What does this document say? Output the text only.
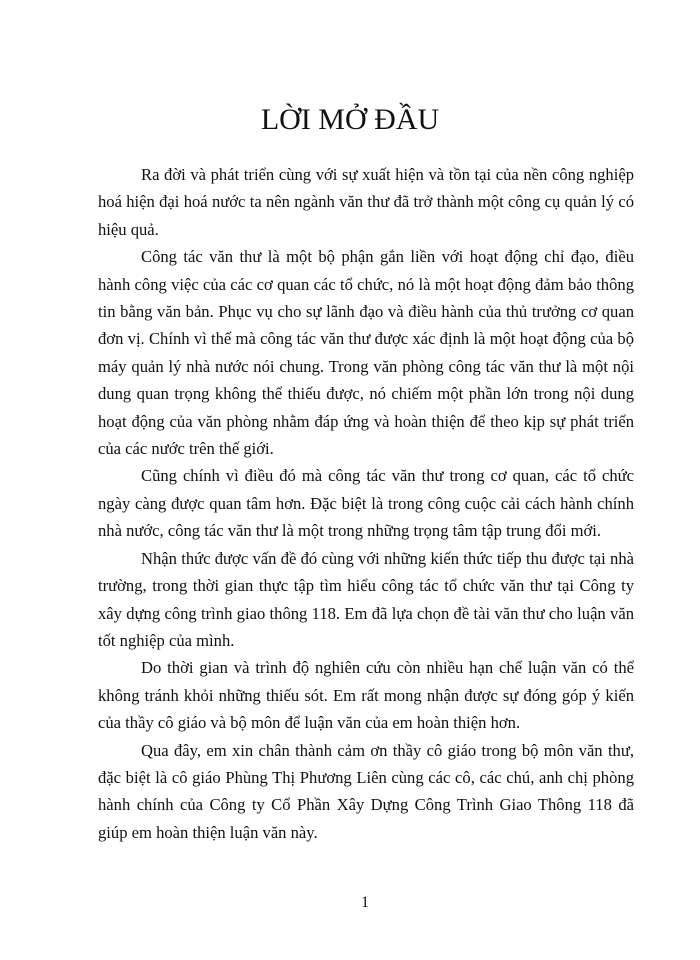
LỜI MỞ ĐẦU

Ra đời và phát triển cùng với sự xuất hiện và tồn tại của nền công nghiệp hoá hiện đại hoá nước ta nên ngành văn thư đã trở thành một công cụ quản lý có hiệu quả.

Công tác văn thư là một bộ phận gắn liền với hoạt động chỉ đạo, điều hành công việc của các cơ quan các tổ chức, nó là một hoạt động đảm bảo thông tin bằng văn bản. Phục vụ cho sự lãnh đạo và điều hành của thủ trưởng cơ quan đơn vị. Chính vì thế mà công tác văn thư được xác định là một hoạt động của bộ máy quản lý nhà nước nói chung. Trong văn phòng công tác văn thư là một nội dung quan trọng không thể thiếu được, nó chiếm một phần lớn trong nội dung hoạt động của văn phòng nhằm đáp ứng và hoàn thiện để theo kịp sự phát triển của các nước trên thế giới.

Cũng chính vì điều đó mà công tác văn thư trong cơ quan, các tổ chức ngày càng được quan tâm hơn. Đặc biệt là trong công cuộc cải cách hành chính nhà nước, công tác văn thư là một trong những trọng tâm tập trung đổi mới.

Nhận thức được vấn đề đó cùng với những kiến thức tiếp thu được tại nhà trường, trong thời gian thực tập tìm hiểu công tác tổ chức văn thư tại Công ty xây dựng công trình giao thông 118. Em đã lựa chọn đề tài văn thư cho luận văn tốt nghiệp của mình.

Do thời gian và trình độ nghiên cứu còn nhiều hạn chế luận văn có thể không tránh khỏi những thiếu sót. Em rất mong nhận được sự đóng góp ý kiến của thầy cô giáo và bộ môn để luận văn của em hoàn thiện hơn.

Qua đây, em xin chân thành cảm ơn thầy cô giáo trong bộ môn văn thư, đặc biệt là cô giáo Phùng Thị Phương Liên cùng các cô, các chú, anh chị phòng hành chính của Công ty Cổ Phần Xây Dựng Công Trình Giao Thông 118 đã giúp em hoàn thiện luận văn này.

1
